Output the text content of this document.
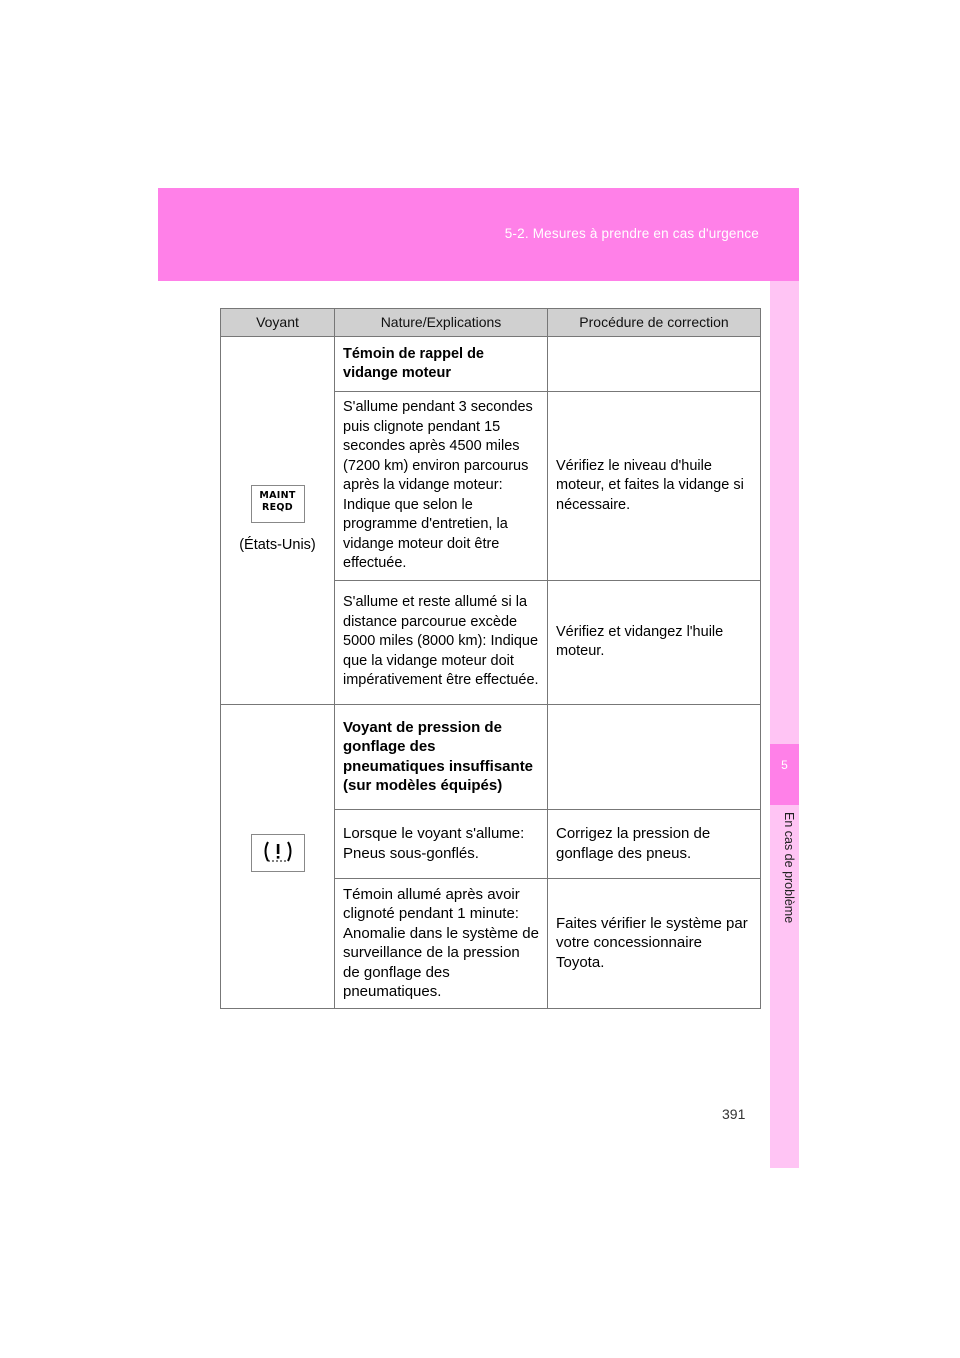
5-2. Mesures à prendre en cas d'urgence
5
En cas de problème
Voyant	Nature/Explications	Procédure de correction

MAINT
REQD
(États-Unis)	Témoin de rappel de vidange moteur	
	S'allume pendant 3 secondes puis clignote pendant 15 secondes après 4500 miles (7200 km) environ parcourus après la vidange moteur: Indique que selon le programme d'entretien, la vidange moteur doit être effectuée.	Vérifiez le niveau d'huile moteur, et faites la vidange si nécessaire.
	S'allume et reste allumé si la distance parcourue excède 5000 miles (8000 km): Indique que la vidange moteur doit impérativement être effectuée.	Vérifiez et vidangez l'huile moteur.

	Voyant de pression de gonflage des pneumatiques insuffisante (sur modèles équipés)	
	Lorsque le voyant s'allume: Pneus sous-gonflés.	Corrigez la pression de gonflage des pneus.
	Témoin allumé après avoir clignoté pendant 1 minute: Anomalie dans le système de surveillance de la pression de gonflage des pneumatiques.	Faites vérifier le système par votre concessionnaire Toyota.
391
